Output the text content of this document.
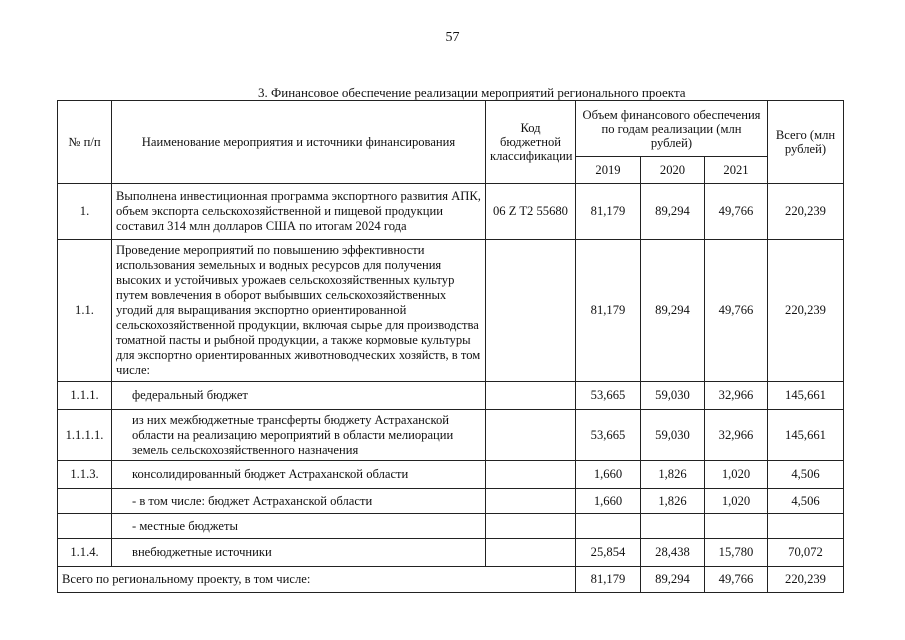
57
3. Финансовое обеспечение реализации мероприятий регионального проекта
№ п/п	Наименование мероприятия и источники финансирования	Код бюджетной классификации	Объем финансового обеспечения по годам реализации (млн рублей)			Всего (млн рублей)
			2019	2020	2021	
1.	Выполнена инвестиционная программа экспортного развития АПК, объем экспорта сельскохозяйственной и пищевой продукции составил 314 млн долларов США по итогам 2024 года	06 Z T2 55680	81,179	89,294	49,766	220,239
1.1.	Проведение мероприятий по повышению эффективности использования земельных и водных ресурсов для получения высоких и устойчивых урожаев сельскохозяйственных культур путем вовлечения в оборот выбывших сельскохозяйственных угодий для выращивания экспортно ориентированной сельскохозяйственной продукции, включая сырье для производства томатной пасты и рыбной продукции, а также кормовые культуры для экспортно ориентированных животноводческих хозяйств, в том числе:		81,179	89,294	49,766	220,239
1.1.1.	федеральный бюджет		53,665	59,030	32,966	145,661
1.1.1.1.	из них межбюджетные трансферты бюджету Астраханской области на реализацию мероприятий в области мелиорации земель сельскохозяйственного назначения		53,665	59,030	32,966	145,661
1.1.3.	консолидированный бюджет Астраханской области		1,660	1,826	1,020	4,506
	- в том числе: бюджет Астраханской области		1,660	1,826	1,020	4,506
	- местные бюджеты					
1.1.4.	внебюджетные источники		25,854	28,438	15,780	70,072
Всего по региональному проекту, в том числе:			81,179	89,294	49,766	220,239
